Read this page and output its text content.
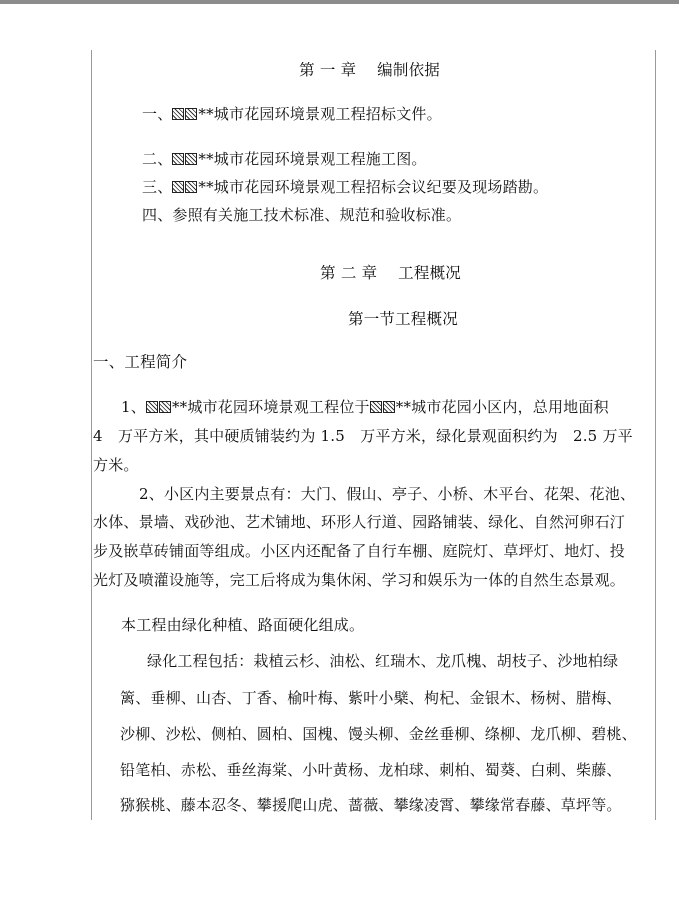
第 一 章　 编制依据

一、 **城市花园环境景观工程招标文件。

二、 **城市花园环境景观工程施工图。

三、 **城市花园环境景观工程招标会议纪要及现场踏勘。

四、参照有关施工技术标准、规范和验收标准。

第 二 章　 工程概况

第一节工程概况

一、工程简介

1、 **城市花园环境景观工程位于 **城市花园小区内，总用地面积

4　万平方米，其中硬质铺装约为 1.5　万平方米，绿化景观面积约为　2.5 万平

方米。

2、小区内主要景点有：大门、假山、亭子、小桥、木平台、花架、花池、

水体、景墙、戏砂池、艺术铺地、环形人行道、园路铺装、绿化、自然河卵石汀

步及嵌草砖铺面等组成。小区内还配备了自行车棚、庭院灯、草坪灯、地灯、投

光灯及喷灌设施等，完工后将成为集休闲、学习和娱乐为一体的自然生态景观。

本工程由绿化种植、路面硬化组成。

绿化工程包括：栽植云杉、油松、红瑞木、龙爪槐、胡枝子、沙地柏绿

篱、垂柳、山杏、丁香、榆叶梅、紫叶小檗、枸杞、金银木、杨树、腊梅、

沙柳、沙松、侧柏、圆柏、国槐、馒头柳、金丝垂柳、绦柳、龙爪柳、碧桃、

铅笔柏、赤松、垂丝海棠、小叶黄杨、龙柏球、刺柏、蜀葵、白刺、柴藤、

猕猴桃、藤本忍冬、攀援爬山虎、蔷薇、攀缘凌霄、攀缘常春藤、草坪等。
